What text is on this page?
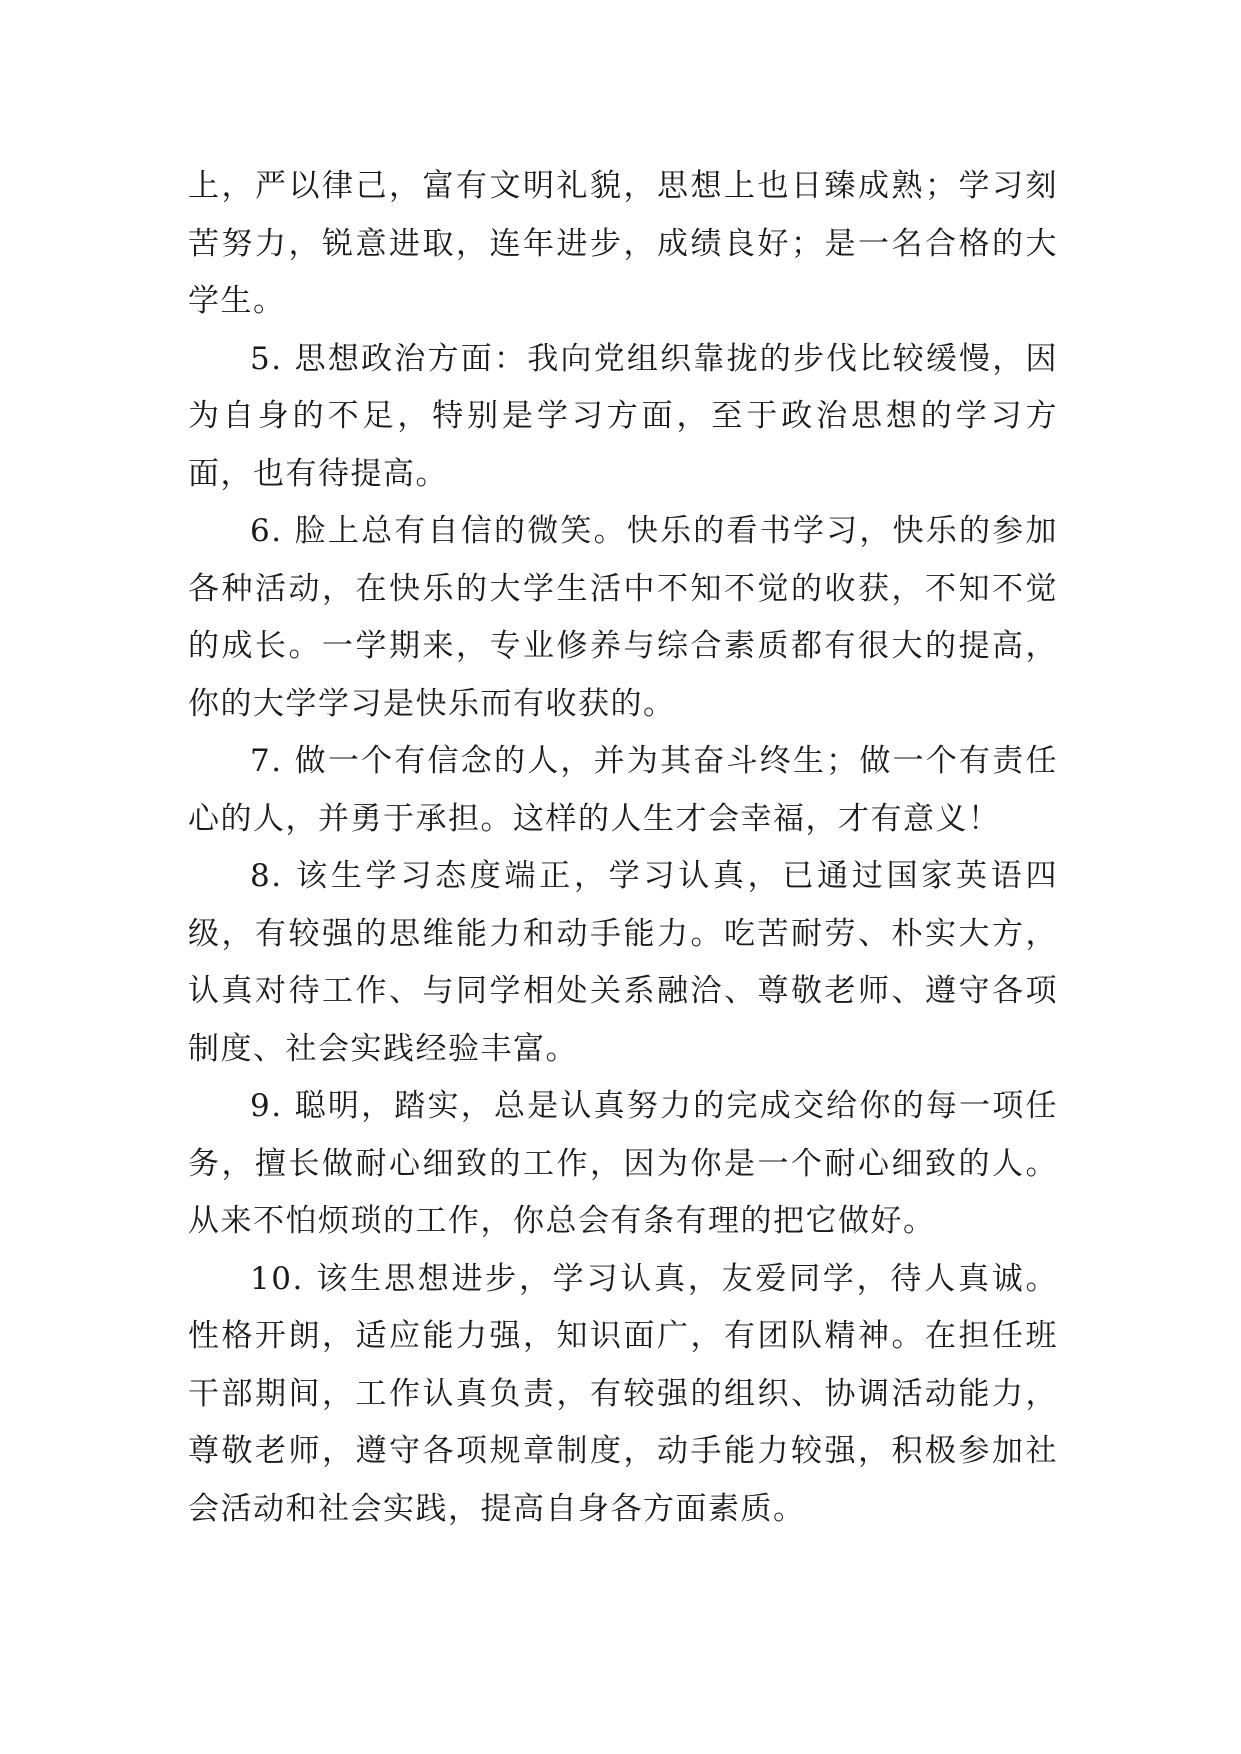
上，严以律己，富有文明礼貌，思想上也日臻成熟；学习刻苦努力，锐意进取，连年进步，成绩良好；是一名合格的大学生。

5. 思想政治方面：我向党组织靠拢的步伐比较缓慢，因为自身的不足，特别是学习方面，至于政治思想的学习方面，也有待提高。

6. 脸上总有自信的微笑。快乐的看书学习，快乐的参加各种活动，在快乐的大学生活中不知不觉的收获，不知不觉的成长。一学期来，专业修养与综合素质都有很大的提高，你的大学学习是快乐而有收获的。

7. 做一个有信念的人，并为其奋斗终生；做一个有责任心的人，并勇于承担。这样的人生才会幸福，才有意义！

8. 该生学习态度端正，学习认真，已通过国家英语四级，有较强的思维能力和动手能力。吃苦耐劳、朴实大方，认真对待工作、与同学相处关系融洽、尊敬老师、遵守各项制度、社会实践经验丰富。

9. 聪明，踏实，总是认真努力的完成交给你的每一项任务，擅长做耐心细致的工作，因为你是一个耐心细致的人。从来不怕烦琐的工作，你总会有条有理的把它做好。

10. 该生思想进步，学习认真，友爱同学，待人真诚。性格开朗，适应能力强，知识面广，有团队精神。在担任班干部期间，工作认真负责，有较强的组织、协调活动能力，尊敬老师，遵守各项规章制度，动手能力较强，积极参加社会活动和社会实践，提高自身各方面素质。
